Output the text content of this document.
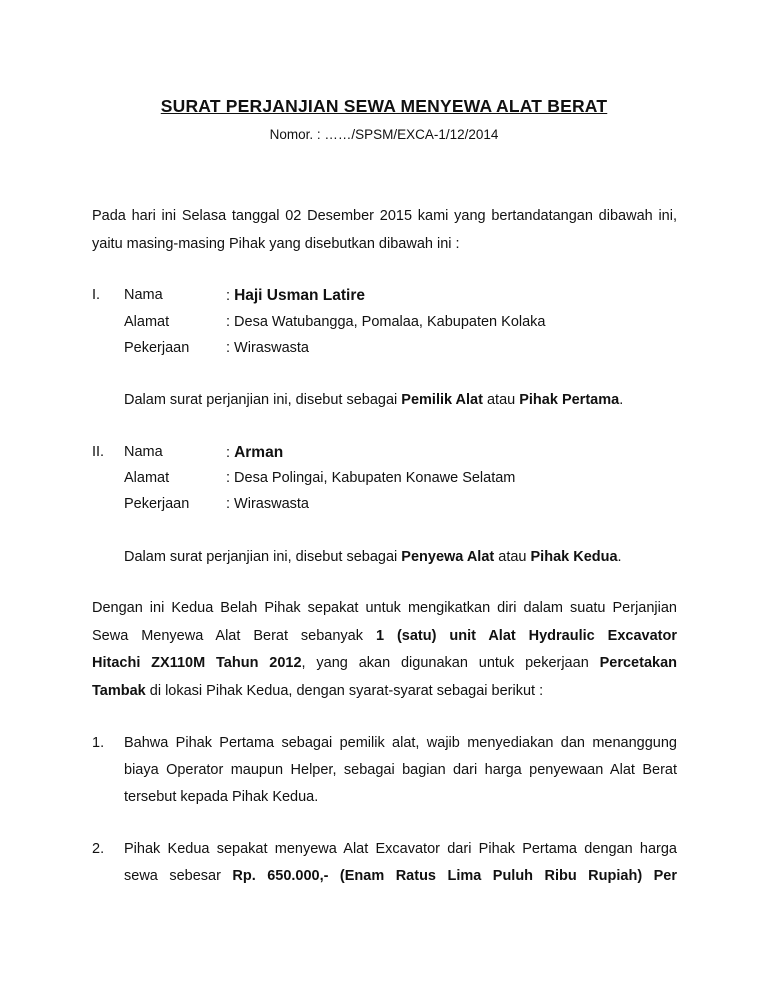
SURAT PERJANJIAN SEWA MENYEWA ALAT BERAT
Nomor. : ……/SPSM/EXCA-1/12/2014
Pada hari ini Selasa tanggal 02 Desember 2015 kami yang bertandatangan dibawah ini,
yaitu masing-masing Pihak yang disebutkan dibawah ini :
I. Nama	: Haji Usman Latire
Alamat	: Desa Watubangga, Pomalaa, Kabupaten Kolaka
Pekerjaan	: Wiraswasta
Dalam surat perjanjian ini, disebut sebagai Pemilik Alat atau Pihak Pertama.
II. Nama	: Arman
Alamat	: Desa Polingai, Kabupaten Konawe Selatam
Pekerjaan	: Wiraswasta
Dalam surat perjanjian ini, disebut sebagai Penyewa Alat atau Pihak Kedua.
Dengan ini Kedua Belah Pihak sepakat untuk mengikatkan diri dalam suatu Perjanjian
Sewa Menyewa Alat Berat sebanyak 1 (satu) unit Alat Hydraulic Excavator
Hitachi ZX110M Tahun 2012, yang akan digunakan untuk pekerjaan Percetakan
Tambak di lokasi Pihak Kedua, dengan syarat-syarat sebagai berikut :
1. Bahwa Pihak Pertama sebagai pemilik alat, wajib menyediakan dan menanggung
biaya Operator maupun Helper, sebagai bagian dari harga penyewaan Alat Berat
tersebut kepada Pihak Kedua.
2. Pihak Kedua sepakat menyewa Alat Excavator dari Pihak Pertama dengan harga
sewa sebesar Rp. 650.000,- (Enam Ratus Lima Puluh Ribu Rupiah) Per
